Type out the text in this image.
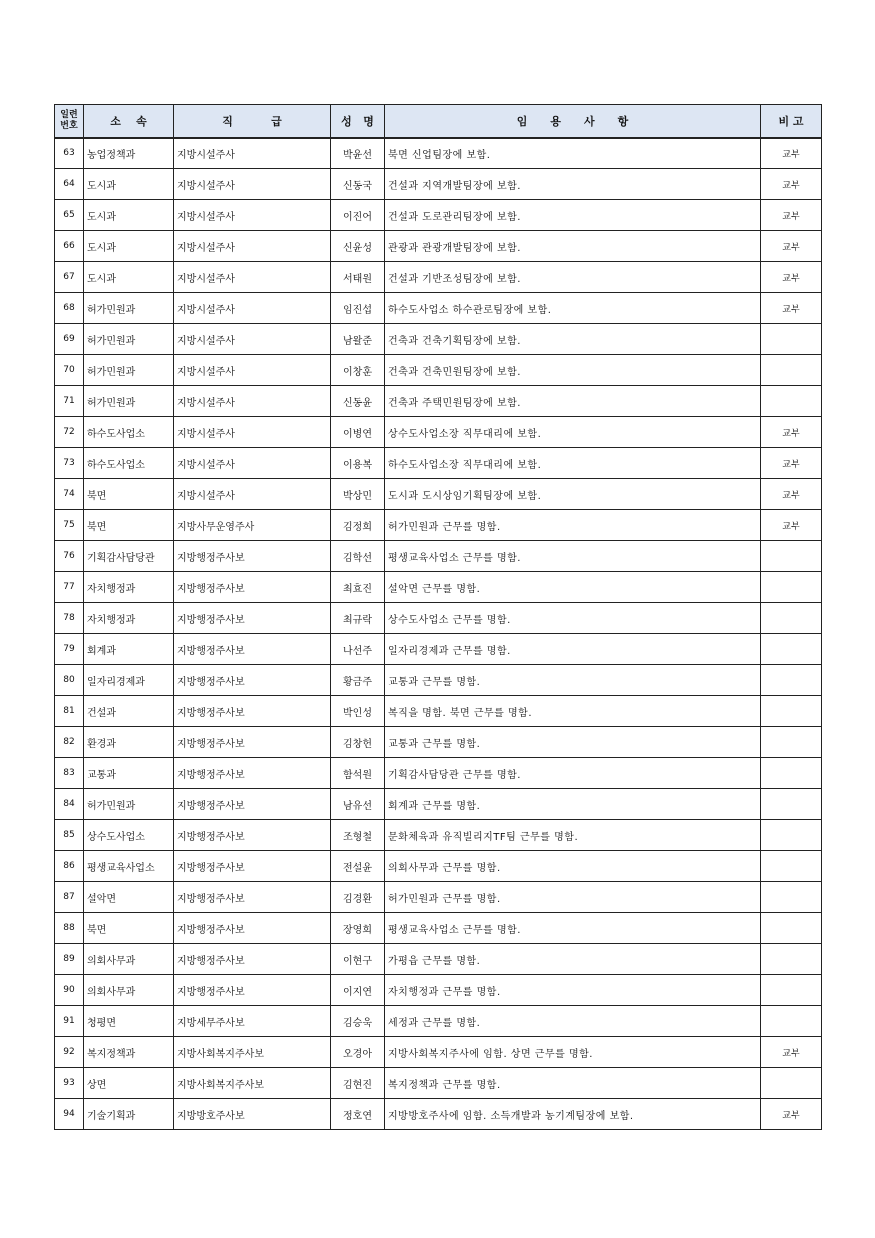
일련
번호	소    속	직          급	성   명	임      용      사      항	비 고
63	농업정책과	지방시설주사	박윤선	북면 신업팀장에 보함.	교부
64	도시과	지방시설주사	신동국	건설과 지역개발팀장에 보함.	교부
65	도시과	지방시설주사	이진어	건설과 도로관리팀장에 보함.	교부
66	도시과	지방시설주사	신윤성	관광과 관광개발팀장에 보함.	교부
67	도시과	지방시설주사	서태원	건설과 기반조성팀장에 보함.	교부
68	허가민원과	지방시설주사	임진섭	하수도사업소 하수관로팀장에 보함.	교부
69	허가민원과	지방시설주사	남왈준	건축과 건축기획팀장에 보함.	
70	허가민원과	지방시설주사	이창훈	건축과 건축민원팀장에 보함.	
71	허가민원과	지방시설주사	신동윤	건축과 주택민원팀장에 보함.	
72	하수도사업소	지방시설주사	이병연	상수도사업소장 직무대리에 보함.	교부
73	하수도사업소	지방시설주사	이용복	하수도사업소장 직무대리에 보함.	교부
74	북면	지방시설주사	박상민	도시과 도시상임기획팀장에 보함.	교부
75	북면	지방사무운영주사	김정희	허가민원과 근무를 명함.	교부
76	기획감사담당관	지방행정주사보	김학선	평생교육사업소 근무를 명함.	
77	자치행정과	지방행정주사보	최효진	설악면 근무를 명함.	
78	자치행정과	지방행정주사보	최규락	상수도사업소 근무를 명함.	
79	회계과	지방행정주사보	나선주	일자리경제과 근무를 명함.	
80	일자리경제과	지방행정주사보	황금주	교통과 근무를 명함.	
81	건설과	지방행정주사보	박인성	복직을 명함. 북면 근무를 명함.	
82	환경과	지방행정주사보	김창헌	교통과 근무를 명함.	
83	교통과	지방행정주사보	함석원	기획감사담당관 근무를 명함.	
84	허가민원과	지방행정주사보	남유선	회계과 근무를 명함.	
85	상수도사업소	지방행정주사보	조형철	문화체육과 유직빌리지TF팀 근무를 명함.	
86	평생교육사업소	지방행정주사보	전설윤	의회사무과 근무를 명함.	
87	설악면	지방행정주사보	김경환	허가민원과 근무를 명함.	
88	북면	지방행정주사보	장영희	평생교육사업소 근무를 명함.	
89	의회사무과	지방행정주사보	이현구	가평읍 근무를 명함.	
90	의회사무과	지방행정주사보	이지연	자치행정과 근무를 명함.	
91	청평면	지방세무주사보	김승욱	세정과 근무를 명함.	
92	복지정책과	지방사회복지주사보	오경아	지방사회복지주사에 임함. 상면 근무를 명함.	교부
93	상면	지방사회복지주사보	김현진	복지정책과 근무를 명함.	
94	기술기획과	지방방호주사보	정호연	지방방호주사에 임함. 소득개발과 농기계팀장에 보함.	교부
